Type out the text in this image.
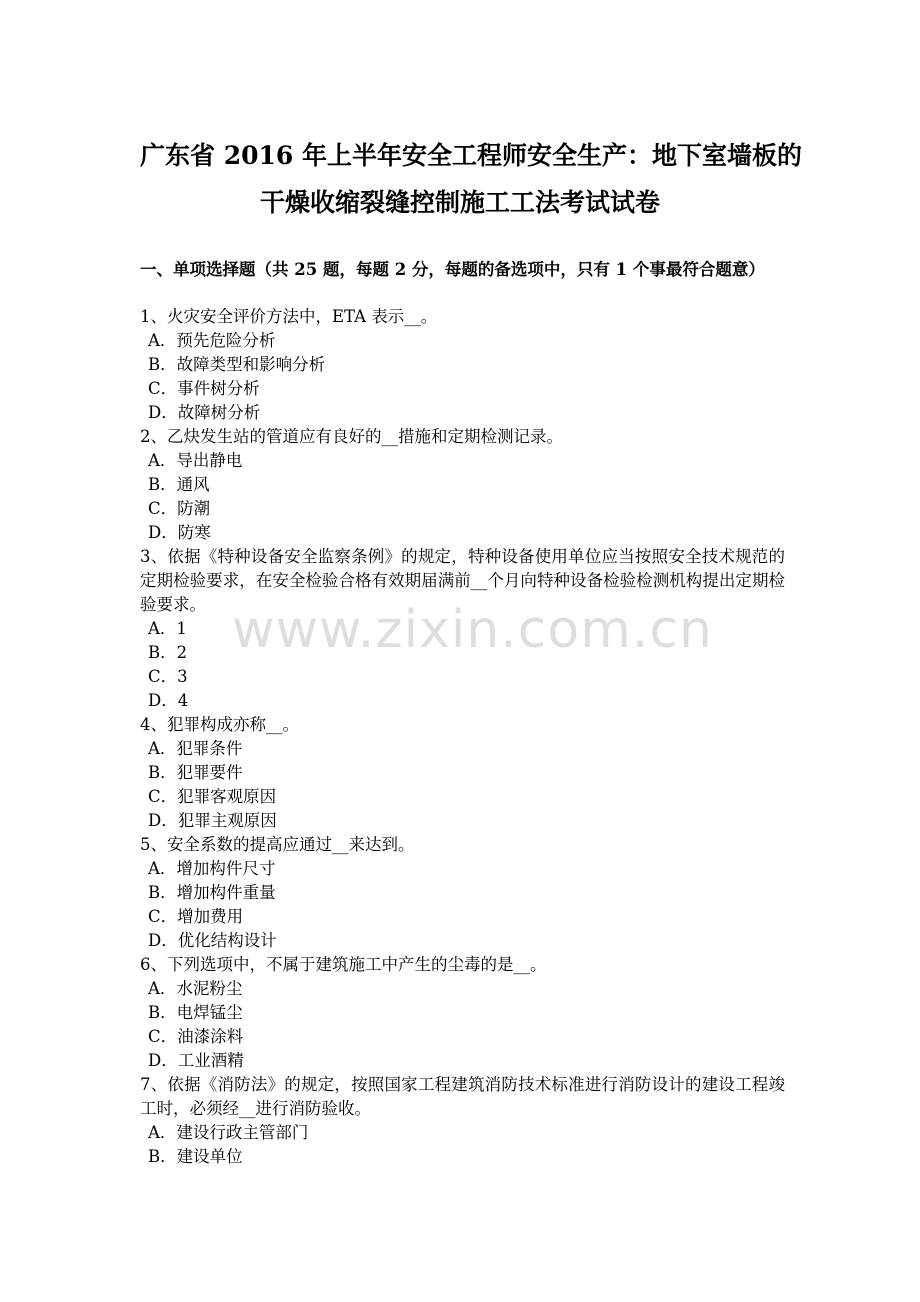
广东省 2016 年上半年安全工程师安全生产：地下室墙板的
干燥收缩裂缝控制施工工法考试试卷
一、单项选择题（共 25 题，每题 2 分，每题的备选项中，只有 1 个事最符合题意）

1、火灾安全评价方法中，ETA 表示__。

A．预先危险分析
B．故障类型和影响分析
C．事件树分析
D．故障树分析

2、乙炔发生站的管道应有良好的__措施和定期检测记录。

A．导出静电
B．通风
C．防潮
D．防寒

3、依据《特种设备安全监察条例》的规定，特种设备使用单位应当按照安全技术规范的定期检验要求，在安全检验合格有效期届满前__个月向特种设备检验检测机构提出定期检验要求。

A．1
B．2
C．3
D．4

4、犯罪构成亦称__。

A．犯罪条件
B．犯罪要件
C．犯罪客观原因
D．犯罪主观原因

5、安全系数的提高应通过__来达到。

A．增加构件尺寸
B．增加构件重量
C．增加费用
D．优化结构设计

6、下列选项中，不属于建筑施工中产生的尘毒的是__。

A．水泥粉尘
B．电焊锰尘
C．油漆涂料
D．工业酒精

7、依据《消防法》的规定，按照国家工程建筑消防技术标准进行消防设计的建设工程竣工时，必须经__进行消防验收。

A．建设行政主管部门
B．建设单位
www.zixin.com.cn
